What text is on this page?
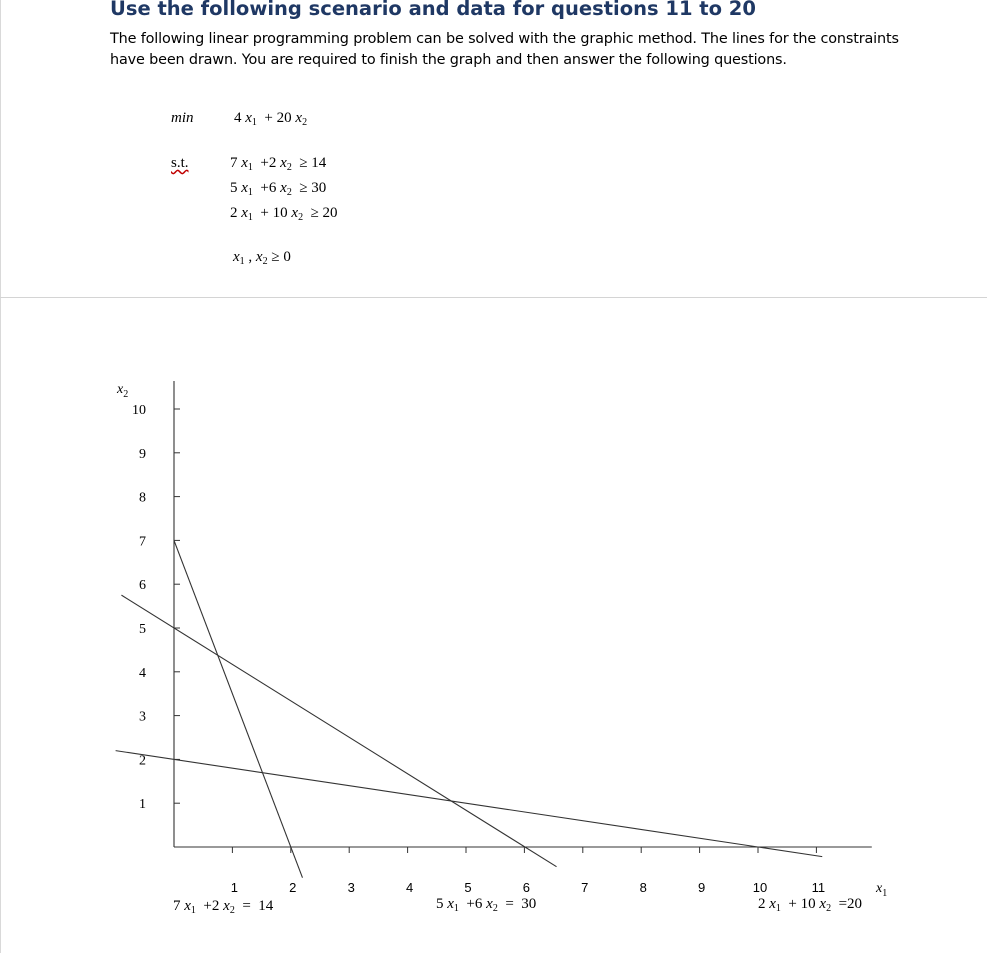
Use the following scenario and data for questions 11 to 20

The following linear programming problem can be solved with the graphic method. The lines for the constraints have been drawn. You are required to finish the graph and then answer the following questions.

min	4 $x_1 + 20$ $x_2$
s.t.	7 $x_1 +2$ $x_2 \ge 14$
5 $x_1 +6$ $x_2 \ge 30$
2 $x_1 + 10$ $x_2 \ge 20$
$x_1$ , $x_2 \ge 0$
10
9
8
7
6
5
4
3
2
1
1	2	3	4	5	6	7	8	9	10	11
$x_2$
$x_1$
7 $x_1 +2$ $x_2 = 14$	5 $x_1 +6$ $x_2 = 30$	2 $x_1 + 10$ $x_2 =20$
